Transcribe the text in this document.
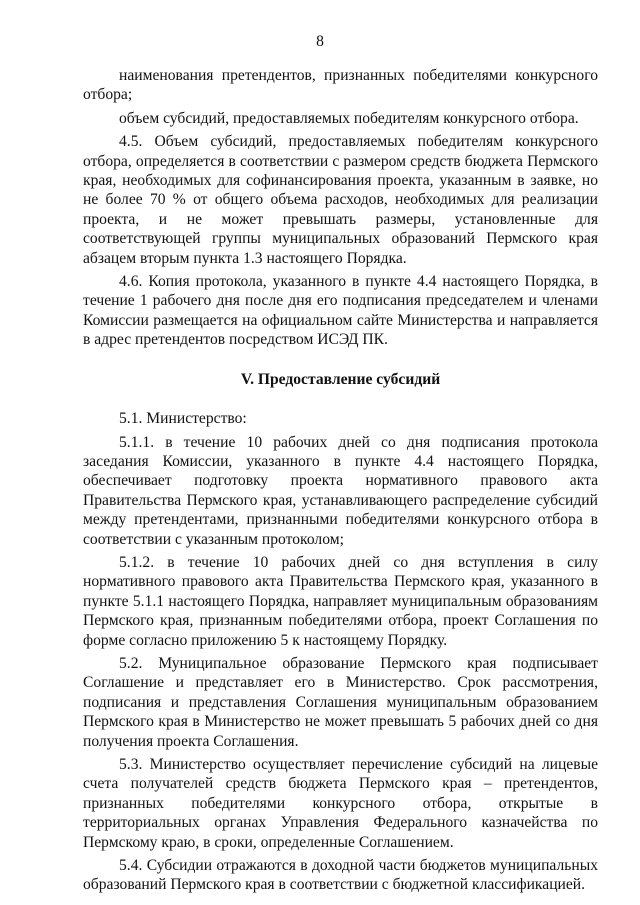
8

наименования претендентов, признанных победителями конкурсного отбора;

объем субсидий, предоставляемых победителям конкурсного отбора.

4.5. Объем субсидий, предоставляемых победителям конкурсного отбора, определяется в соответствии с размером средств бюджета Пермского края, необходимых для софинансирования проекта, указанным в заявке, но не более 70 % от общего объема расходов, необходимых для реализации проекта, и не может превышать размеры, установленные для соответствующей группы муниципальных образований Пермского края абзацем вторым пункта 1.3 настоящего Порядка.

4.6. Копия протокола, указанного в пункте 4.4 настоящего Порядка, в течение 1 рабочего дня после дня его подписания председателем и членами Комиссии размещается на официальном сайте Министерства и направляется в адрес претендентов посредством ИСЭД ПК.

V. Предоставление субсидий

5.1. Министерство:

5.1.1. в течение 10 рабочих дней со дня подписания протокола заседания Комиссии, указанного в пункте 4.4 настоящего Порядка, обеспечивает подготовку проекта нормативного правового акта Правительства Пермского края, устанавливающего распределение субсидий между претендентами, признанными победителями конкурсного отбора в соответствии с указанным протоколом;

5.1.2. в течение 10 рабочих дней со дня вступления в силу нормативного правового акта Правительства Пермского края, указанного в пункте 5.1.1 настоящего Порядка, направляет муниципальным образованиям Пермского края, признанным победителями отбора, проект Соглашения по форме согласно приложению 5 к настоящему Порядку.

5.2. Муниципальное образование Пермского края подписывает Соглашение и представляет его в Министерство. Срок рассмотрения, подписания и представления Соглашения муниципальным образованием Пермского края в Министерство не может превышать 5 рабочих дней со дня получения проекта Соглашения.

5.3. Министерство осуществляет перечисление субсидий на лицевые счета получателей средств бюджета Пермского края – претендентов, признанных победителями конкурсного отбора, открытые в территориальных органах Управления Федерального казначейства по Пермскому краю, в сроки, определенные Соглашением.

5.4. Субсидии отражаются в доходной части бюджетов муниципальных образований Пермского края в соответствии с бюджетной классификацией.
